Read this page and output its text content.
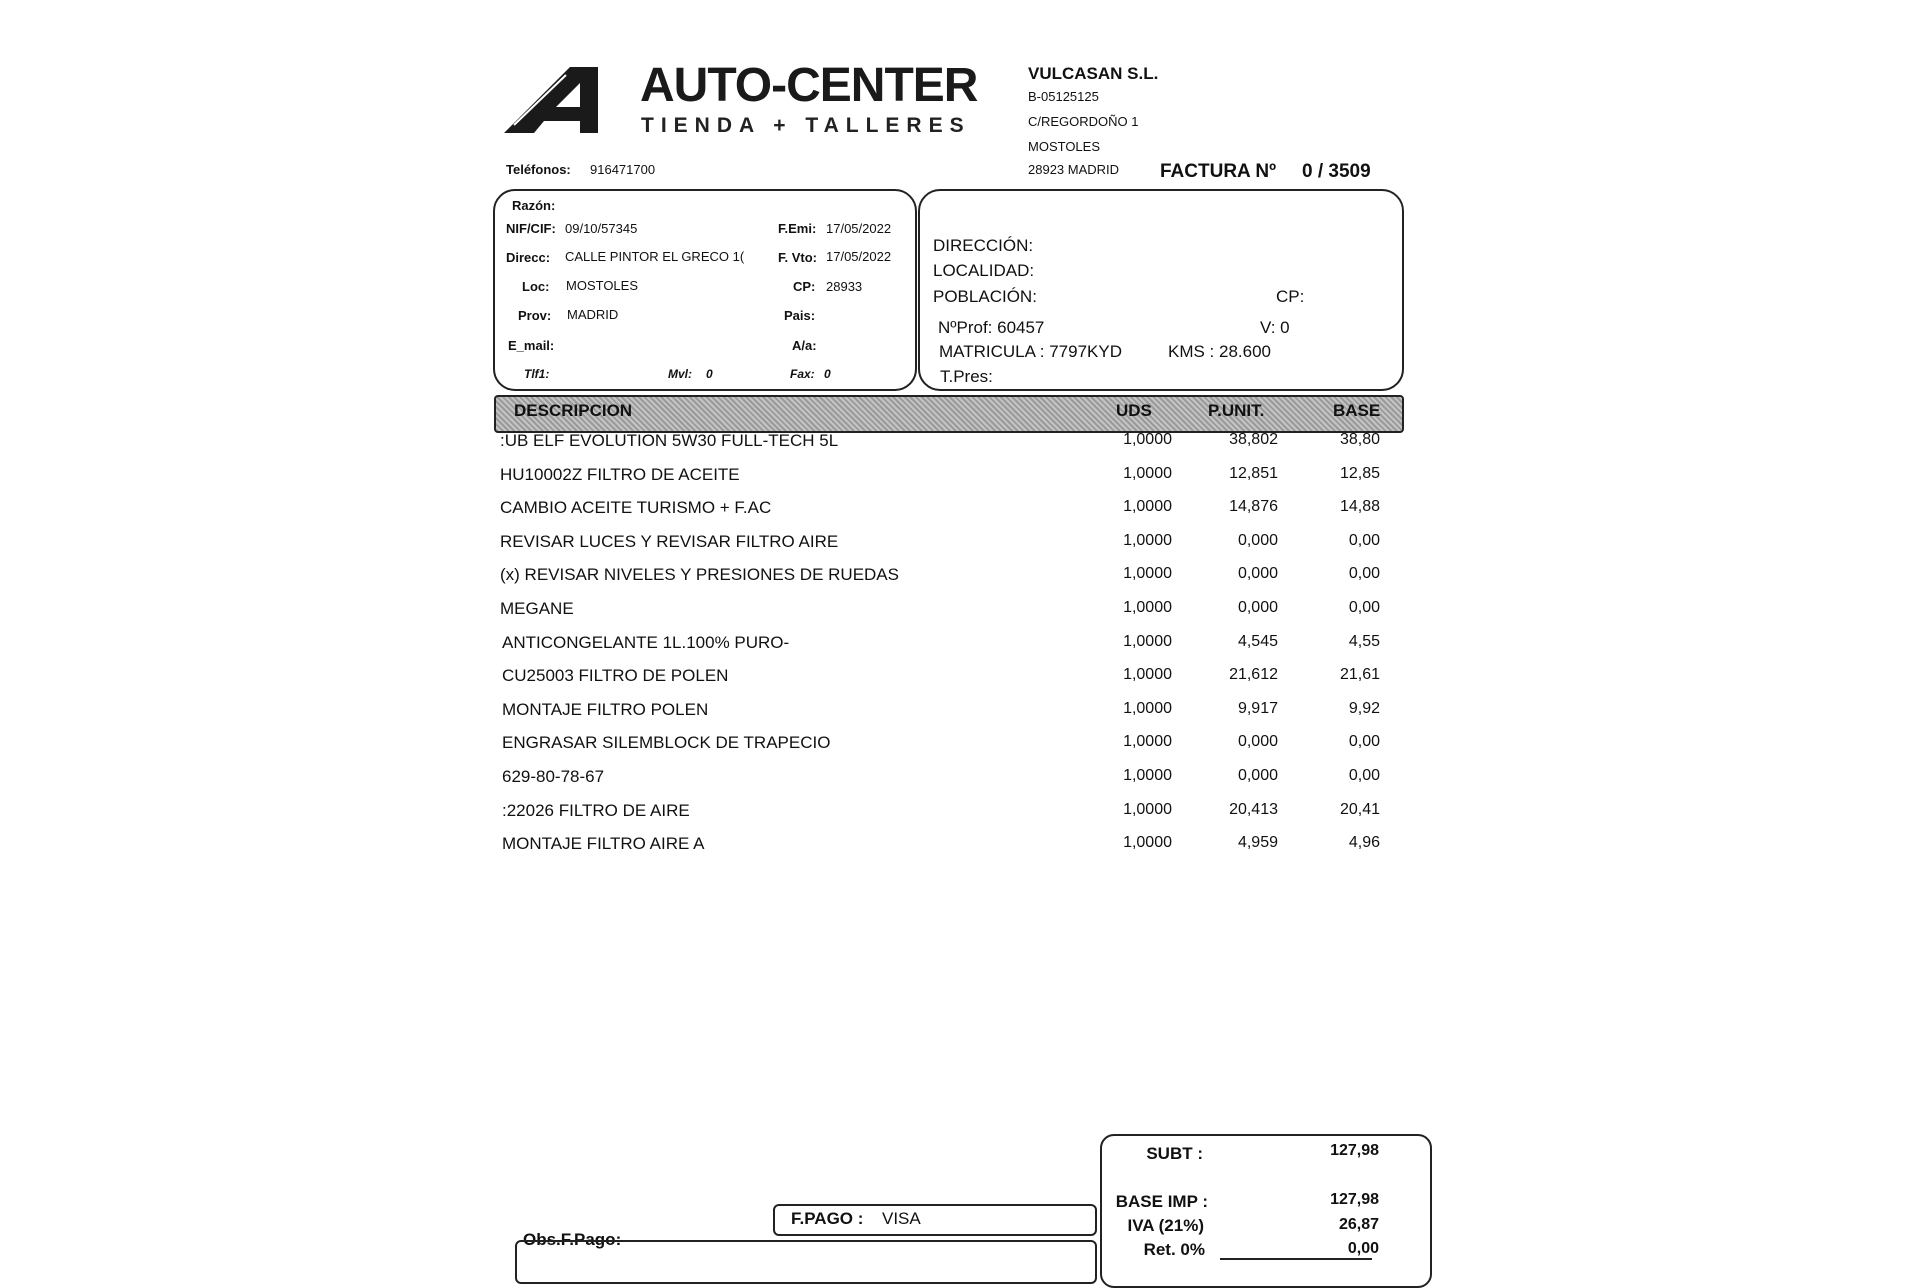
AUTO-CENTER
TIENDA + TALLERES
VULCASAN S.L.
B-05125125
C/REGORDOÑO 1
MOSTOLES
28923 MADRID
Teléfonos: 916471700	FACTURA Nº 0 / 3509
Razón:
NIF/CIF: 09/10/57345	F.Emi: 17/05/2022
Direcc: CALLE PINTOR EL GRECO 1(	F. Vto: 17/05/2022
Loc: MOSTOLES	CP: 28933
Prov: MADRID	Pais:
E_mail:	A/a:
Tlf1:	Mvl: 0	Fax: 0
DIRECCIÓN:
LOCALIDAD:
POBLACIÓN:	CP:
NºProf: 60457	V: 0
MATRICULA : 7797KYD	KMS : 28.600
T.Pres:
DESCRIPCION	UDS	P.UNIT.	BASE
:UB ELF EVOLUTION 5W30 FULL-TECH 5L	1,0000	38,802	38,80
HU10002Z FILTRO DE ACEITE	1,0000	12,851	12,85
CAMBIO ACEITE TURISMO + F.AC	1,0000	14,876	14,88
REVISAR LUCES Y REVISAR FILTRO AIRE	1,0000	0,000	0,00
(x) REVISAR NIVELES Y PRESIONES DE RUEDAS	1,0000	0,000	0,00
MEGANE	1,0000	0,000	0,00
ANTICONGELANTE 1L.100% PURO-	1,0000	4,545	4,55
CU25003 FILTRO DE POLEN	1,0000	21,612	21,61
MONTAJE FILTRO POLEN	1,0000	9,917	9,92
ENGRASAR SILEMBLOCK DE TRAPECIO	1,0000	0,000	0,00
629-80-78-67	1,0000	0,000	0,00
:22026 FILTRO DE AIRE	1,0000	20,413	20,41
MONTAJE FILTRO AIRE A	1,0000	4,959	4,96
Obs.F.Pago:
F.PAGO : VISA
SUBT :	127,98
BASE IMP :	127,98
IVA (21%)	26,87
Ret. 0%	0,00
